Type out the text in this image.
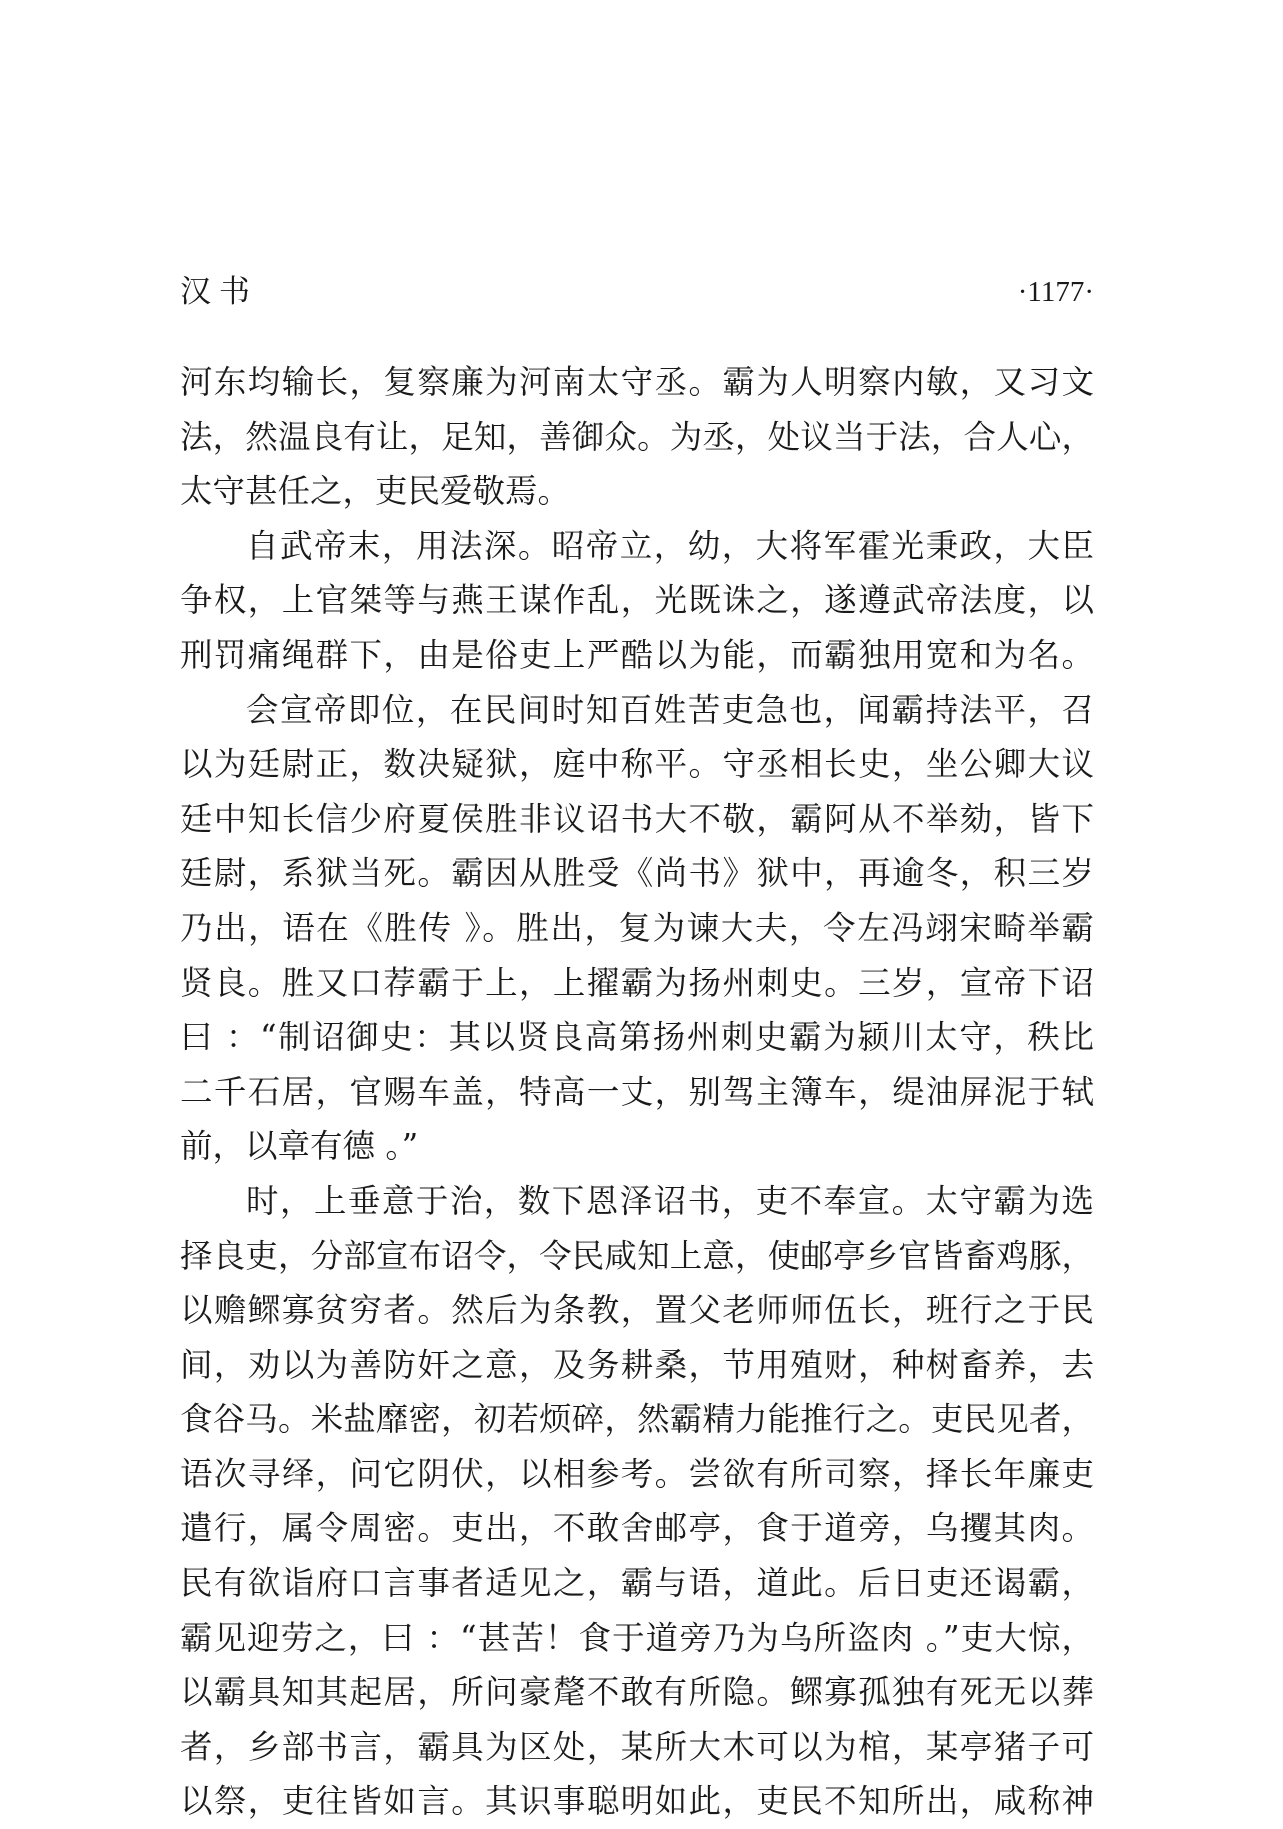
汉书	·1177·
河东均输长，复察廉为河南太守丞。霸为人明察内敏，又习文
法，然温良有让，足知，善御众。为丞，处议当于法，合人心，
太守甚任之，吏民爱敬焉。
自武帝末，用法深。昭帝立，幼，大将军霍光秉政，大臣
争权，上官桀等与燕王谋作乱，光既诛之，遂遵武帝法度，以
刑罚痛绳群下，由是俗吏上严酷以为能，而霸独用宽和为名。
会宣帝即位，在民间时知百姓苦吏急也，闻霸持法平，召
以为廷尉正，数决疑狱，庭中称平。守丞相长史，坐公卿大议
廷中知长信少府夏侯胜非议诏书大不敬，霸阿从不举劾，皆下
廷尉，系狱当死。霸因从胜受《尚书》狱中，再逾冬，积三岁
乃出，语在《胜传 》。胜出，复为谏大夫，令左冯翊宋畸举霸
贤良。胜又口荐霸于上，上擢霸为扬州刺史。三岁，宣帝下诏
曰 ：“制诏御史：其以贤良高第扬州刺史霸为颍川太守，秩比
二千石居，官赐车盖，特高一丈，别驾主簿车，缇油屏泥于轼
前，以章有德 。”
时，上垂意于治，数下恩泽诏书，吏不奉宣。太守霸为选
择良吏，分部宣布诏令，令民咸知上意，使邮亭乡官皆畜鸡豚，
以赡鳏寡贫穷者。然后为条教，置父老师师伍长，班行之于民
间，劝以为善防奸之意，及务耕桑，节用殖财，种树畜养，去
食谷马。米盐靡密，初若烦碎，然霸精力能推行之。吏民见者，
语次寻绎，问它阴伏，以相参考。尝欲有所司察，择长年廉吏
遣行，属令周密。吏出，不敢舍邮亭，食于道旁，乌攫其肉。
民有欲诣府口言事者适见之，霸与语，道此。后日吏还谒霸，
霸见迎劳之，曰 ：“甚苦！食于道旁乃为乌所盗肉 。”吏大惊，
以霸具知其起居，所问豪氂不敢有所隐。鳏寡孤独有死无以葬
者，乡部书言，霸具为区处，某所大木可以为棺，某亭猪子可
以祭，吏往皆如言。其识事聪明如此，吏民不知所出，咸称神
